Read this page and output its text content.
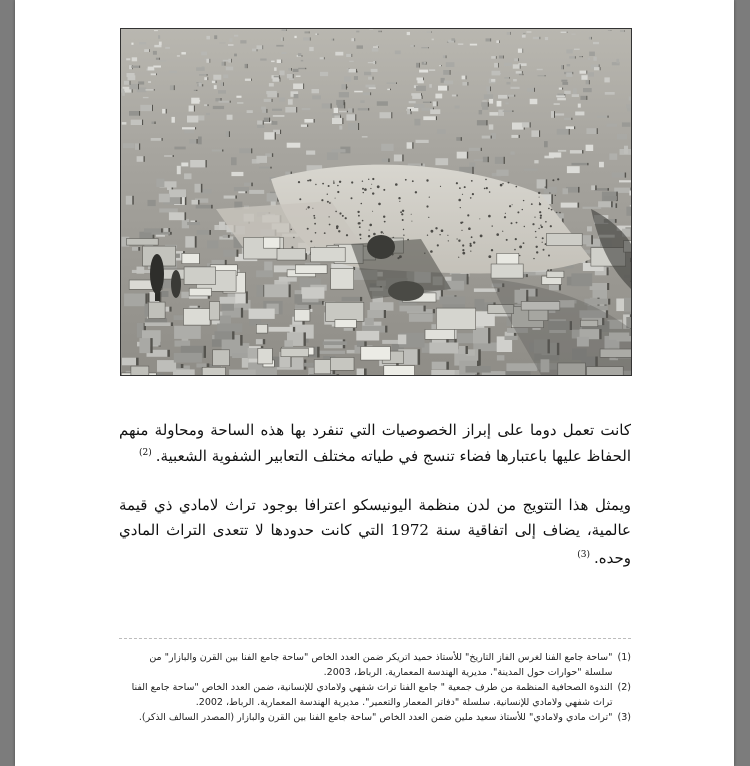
كانت تعمل دوما على إبراز الخصوصيات التي تنفرد بها هذه الساحة ومحاولة منهم الحفاظ عليها باعتبارها فضاء تنسج في طياته مختلف التعابير الشفوية الشعبية.$^{(2)}$

ويمثل هذا التتويج من لدن منظمة اليونيسكو اعترافا بوجود تراث لامادي ذي قيمة عالمية، يضاف إلى اتفاقية سنة 1972 التي كانت حدودها لا تتعدى التراث المادي وحده.$^{(3)}$

(1)
"ساحة جامع الفنا لغرس الفاز التاريخ" للأستاذ حميد اتريكر ضمن العدد الخاص "ساحة جامع الفنا بين القرن والبازار" من سلسلة "حوارات حول المدينة". مديرية الهندسة المعمارية. الرباط، 2003.
(2)
الندوة الصحافية المنظمة من طرف جمعية " جامع الفنا تراث شفهي ولامادي للإنسانية، ضمن العدد الخاص "ساحة جامع الفنا تراث شفهي ولامادي للإنسانية. سلسلة "دفاتر المعمار والتعمير". مديرية الهندسة المعمارية. الرباط، 2002.
(3)
"تراث مادي ولامادي" للأستاذ سعيد ملين ضمن العدد الخاص "ساحة جامع الفنا بين القرن والبازار (المصدر السالف الذكر).
